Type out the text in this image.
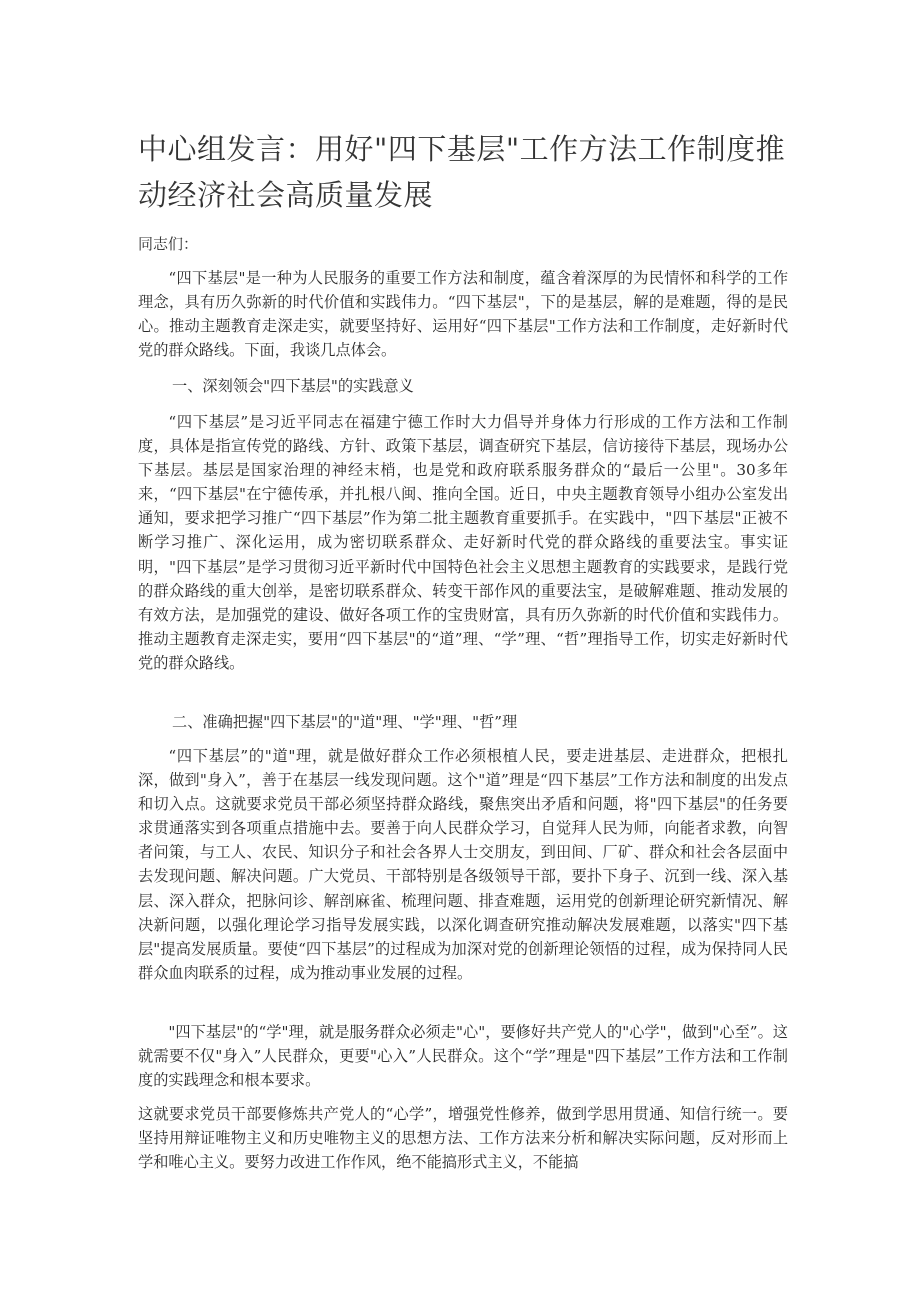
中心组发言：用好"四下基层"工作方法工作制度推动经济社会高质量发展

同志们：

“四下基层"是一种为人民服务的重要工作方法和制度，蕴含着深厚的为民情怀和科学的工作理念，具有历久弥新的时代价值和实践伟力。“四下基层"，下的是基层，解的是难题，得的是民心。推动主题教育走深走实，就要坚持好、运用好“四下基层"工作方法和工作制度，走好新时代党的群众路线。下面，我谈几点体会。

一、深刻领会"四下基层"的实践意义

“四下基层”是习近平同志在福建宁德工作时大力倡导并身体力行形成的工作方法和工作制度，具体是指宣传党的路线、方针、政策下基层，调查研究下基层，信访接待下基层，现场办公下基层。基层是国家治理的神经末梢，也是党和政府联系服务群众的“最后一公里"。30多年来，“四下基层"在宁德传承，并扎根八闽、推向全国。近日，中央主题教育领导小组办公室发出通知，要求把学习推广“四下基层”作为第二批主题教育重要抓手。在实践中，"四下基层"正被不断学习推广、深化运用，成为密切联系群众、走好新时代党的群众路线的重要法宝。事实证明，"四下基层”是学习贯彻习近平新时代中国特色社会主义思想主题教育的实践要求，是践行党的群众路线的重大创举，是密切联系群众、转变干部作风的重要法宝，是破解难题、推动发展的有效方法，是加强党的建设、做好各项工作的宝贵财富，具有历久弥新的时代价值和实践伟力。推动主题教育走深走实，要用“四下基层"的“道”理、“学”理、“哲”理指导工作，切实走好新时代党的群众路线。

二、准确把握"四下基层"的"道"理、"学"理、"哲”理

“四下基层”的"道"理，就是做好群众工作必须根植人民，要走进基层、走进群众，把根扎深，做到"身入”，善于在基层一线发现问题。这个"道”理是“四下基层”工作方法和制度的出发点和切入点。这就要求党员干部必须坚持群众路线，聚焦突出矛盾和问题，将"四下基层"的任务要求贯通落实到各项重点措施中去。要善于向人民群众学习，自觉拜人民为师，向能者求教，向智者问策，与工人、农民、知识分子和社会各界人士交朋友，到田间、厂矿、群众和社会各层面中去发现问题、解决问题。广大党员、干部特别是各级领导干部，要扑下身子、沉到一线、深入基层、深入群众，把脉问诊、解剖麻雀、梳理问题、排查难题，运用党的创新理论研究新情况、解决新问题，以强化理论学习指导发展实践，以深化调查研究推动解决发展难题，以落实"四下基层"提高发展质量。要使“四下基层”的过程成为加深对党的创新理论领悟的过程，成为保持同人民群众血肉联系的过程，成为推动事业发展的过程。

"四下基层"的“学"理，就是服务群众必须走"心"，要修好共产党人的"心学"，做到"心至”。这就需要不仅"身入”人民群众，更要"心入”人民群众。这个“学”理是"四下基层”工作方法和工作制度的实践理念和根本要求。

这就要求党员干部要修炼共产党人的“心学”，增强党性修养，做到学思用贯通、知信行统一。要坚持用辩证唯物主义和历史唯物主义的思想方法、工作方法来分析和解决实际问题，反对形而上学和唯心主义。要努力改进工作作风，绝不能搞形式主义，不能搞
